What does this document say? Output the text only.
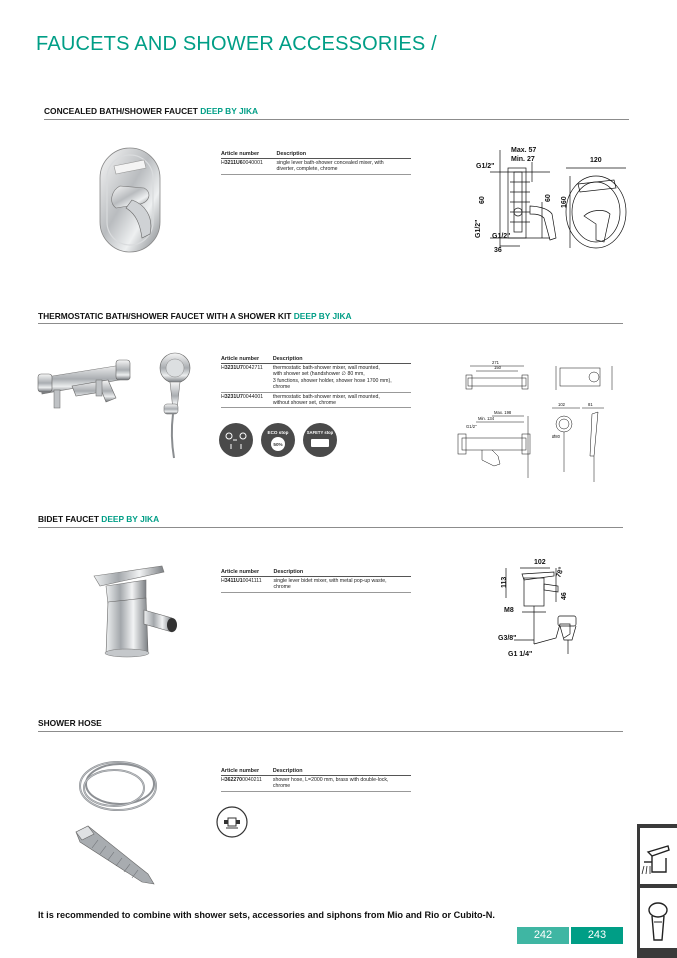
FAUCETS AND SHOWER ACCESSORIES /
CONCEALED BATH/SHOWER FAUCET DEEP BY JIKA
Article number	Description
H3211U60040001	single lever bath-shower concealed mixer, with
diverter, complete, chrome
Max. 57
Min. 27
G1/2"
120
60	60 160
G1/2" G1/2"
36
THERMOSTATIC BATH/SHOWER FAUCET WITH A SHOWER KIT DEEP BY JIKA
ECO stop
50%
SAFETY stop
Article number	Description
H3231U70042711	thermostatic bath-shower mixer, wall mounted,
with shower set (handshower ∅ 80 mm,
3 functions, shower holder, shower hose 1700 mm),
chrome

H3231U70044001	thermostatic bath-shower mixer, wall mounted,
without shower set, chrome
271
150
Max. 198
Min. 134
G1/2"
Ø80
102	81
BIDET FAUCET DEEP BY JIKA
Article number	Description
H3411U10041111	single lever bidet mixer, with metal pop-up waste,
chrome
102
113
78°
46
M8
G3/8"
G1 1/4"
SHOWER HOSE
Article number	Description
H3622700040211	shower hose, L=2000 mm, brass with double-lock,
chrome
It is recommended to combine with shower sets, accessories and siphons from Mio and Rio or Cubito-N.
242	243
